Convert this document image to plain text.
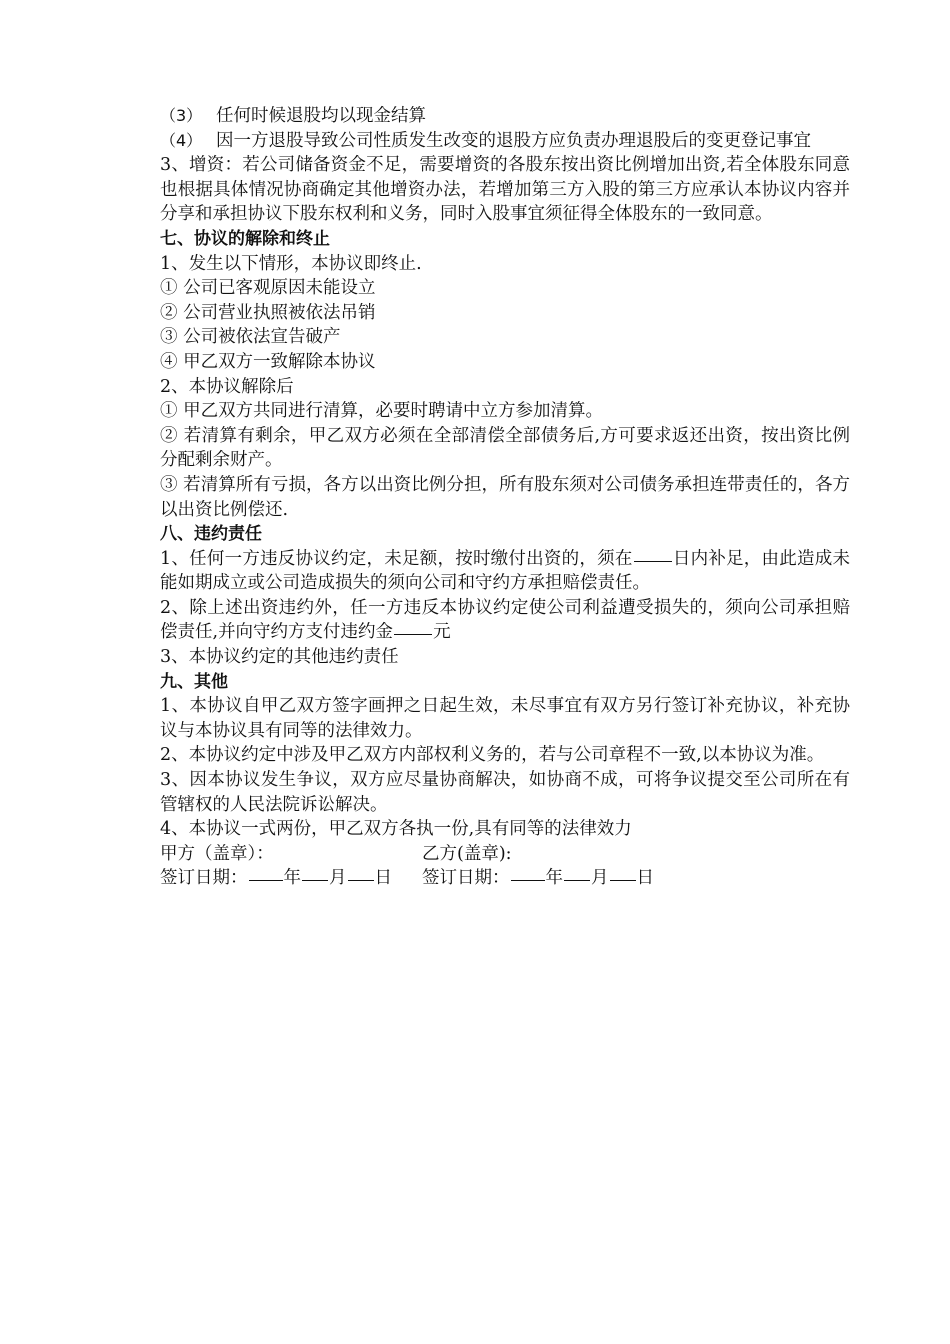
（3） 任何时候退股均以现金结算
（4） 因一方退股导致公司性质发生改变的退股方应负责办理退股后的变更登记事宜

3、增资：若公司储备资金不足，需要增资的各股东按出资比例增加出资,若全体股东同意也根据具体情况协商确定其他增资办法，若增加第三方入股的第三方应承认本协议内容并分享和承担协议下股东权利和义务，同时入股事宜须征得全体股东的一致同意。

七、协议的解除和终止

1、发生以下情形，本协议即终止.

① 公司已客观原因未能设立

② 公司营业执照被依法吊销

③ 公司被依法宣告破产

④ 甲乙双方一致解除本协议

2、本协议解除后

① 甲乙双方共同进行清算，必要时聘请中立方参加清算。

② 若清算有剩余，甲乙双方必须在全部清偿全部债务后,方可要求返还出资，按出资比例分配剩余财产。

③ 若清算所有亏损，各方以出资比例分担，所有股东须对公司债务承担连带责任的，各方以出资比例偿还.

八、违约责任

1、任何一方违反协议约定，未足额，按时缴付出资的，须在 日内补足，由此造成未能如期成立或公司造成损失的须向公司和守约方承担赔偿责任。

2、除上述出资违约外，任一方违反本协议约定使公司利益遭受损失的，须向公司承担赔偿责任,并向守约方支付违约金 元

3、本协议约定的其他违约责任

九、其他

1、本协议自甲乙双方签字画押之日起生效，未尽事宜有双方另行签订补充协议，补充协议与本协议具有同等的法律效力。

2、本协议约定中涉及甲乙双方内部权利义务的，若与公司章程不一致,以本协议为准。

3、因本协议发生争议，双方应尽量协商解决，如协商不成，可将争议提交至公司所在有管辖权的人民法院诉讼解决。

4、本协议一式两份，甲乙双方各执一份,具有同等的法律效力

甲方（盖章）：	乙方(盖章):
签订日期： 年 月 日	签订日期： 年 月 日
